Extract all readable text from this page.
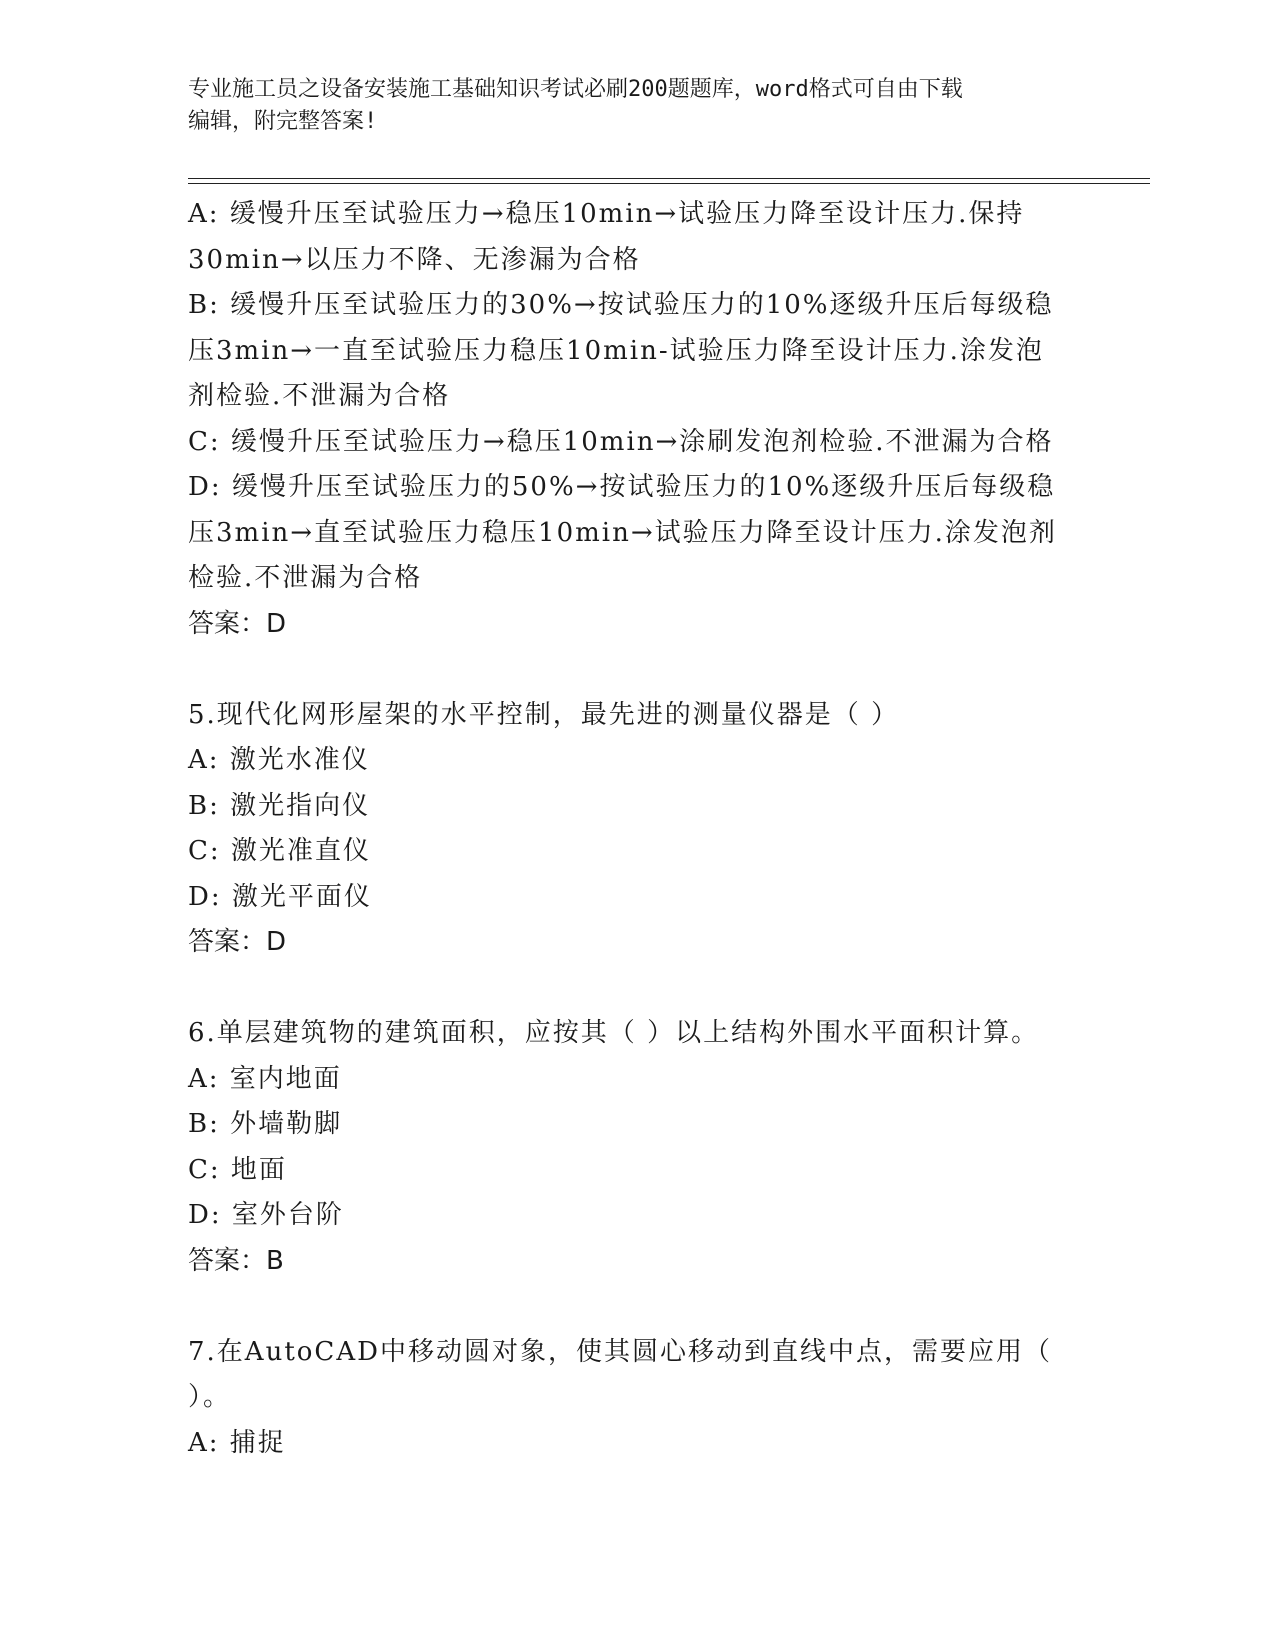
专业施工员之设备安装施工基础知识考试必刷200题题库，word格式可自由下载
编辑，附完整答案!
A: 缓慢升压至试验压力→稳压10min→试验压力降至设计压力.保持
30min→以压力不降、无渗漏为合格
B: 缓慢升压至试验压力的30%→按试验压力的10%逐级升压后每级稳
压3min→一直至试验压力稳压10min-试验压力降至设计压力.涂发泡
剂检验.不泄漏为合格
C: 缓慢升压至试验压力→稳压10min→涂刷发泡剂检验.不泄漏为合格
D: 缓慢升压至试验压力的50%→按试验压力的10%逐级升压后每级稳
压3min→直至试验压力稳压10min→试验压力降至设计压力.涂发泡剂
检验.不泄漏为合格
答案：D
5.现代化网形屋架的水平控制，最先进的测量仪器是（ ）
A: 激光水准仪
B: 激光指向仪
C: 激光准直仪
D: 激光平面仪
答案：D
6.单层建筑物的建筑面积，应按其（ ）以上结构外围水平面积计算。
A: 室内地面
B: 外墙勒脚
C: 地面
D: 室外台阶
答案：B
7.在AutoCAD中移动圆对象，使其圆心移动到直线中点，需要应用（
）。
A: 捕捉
